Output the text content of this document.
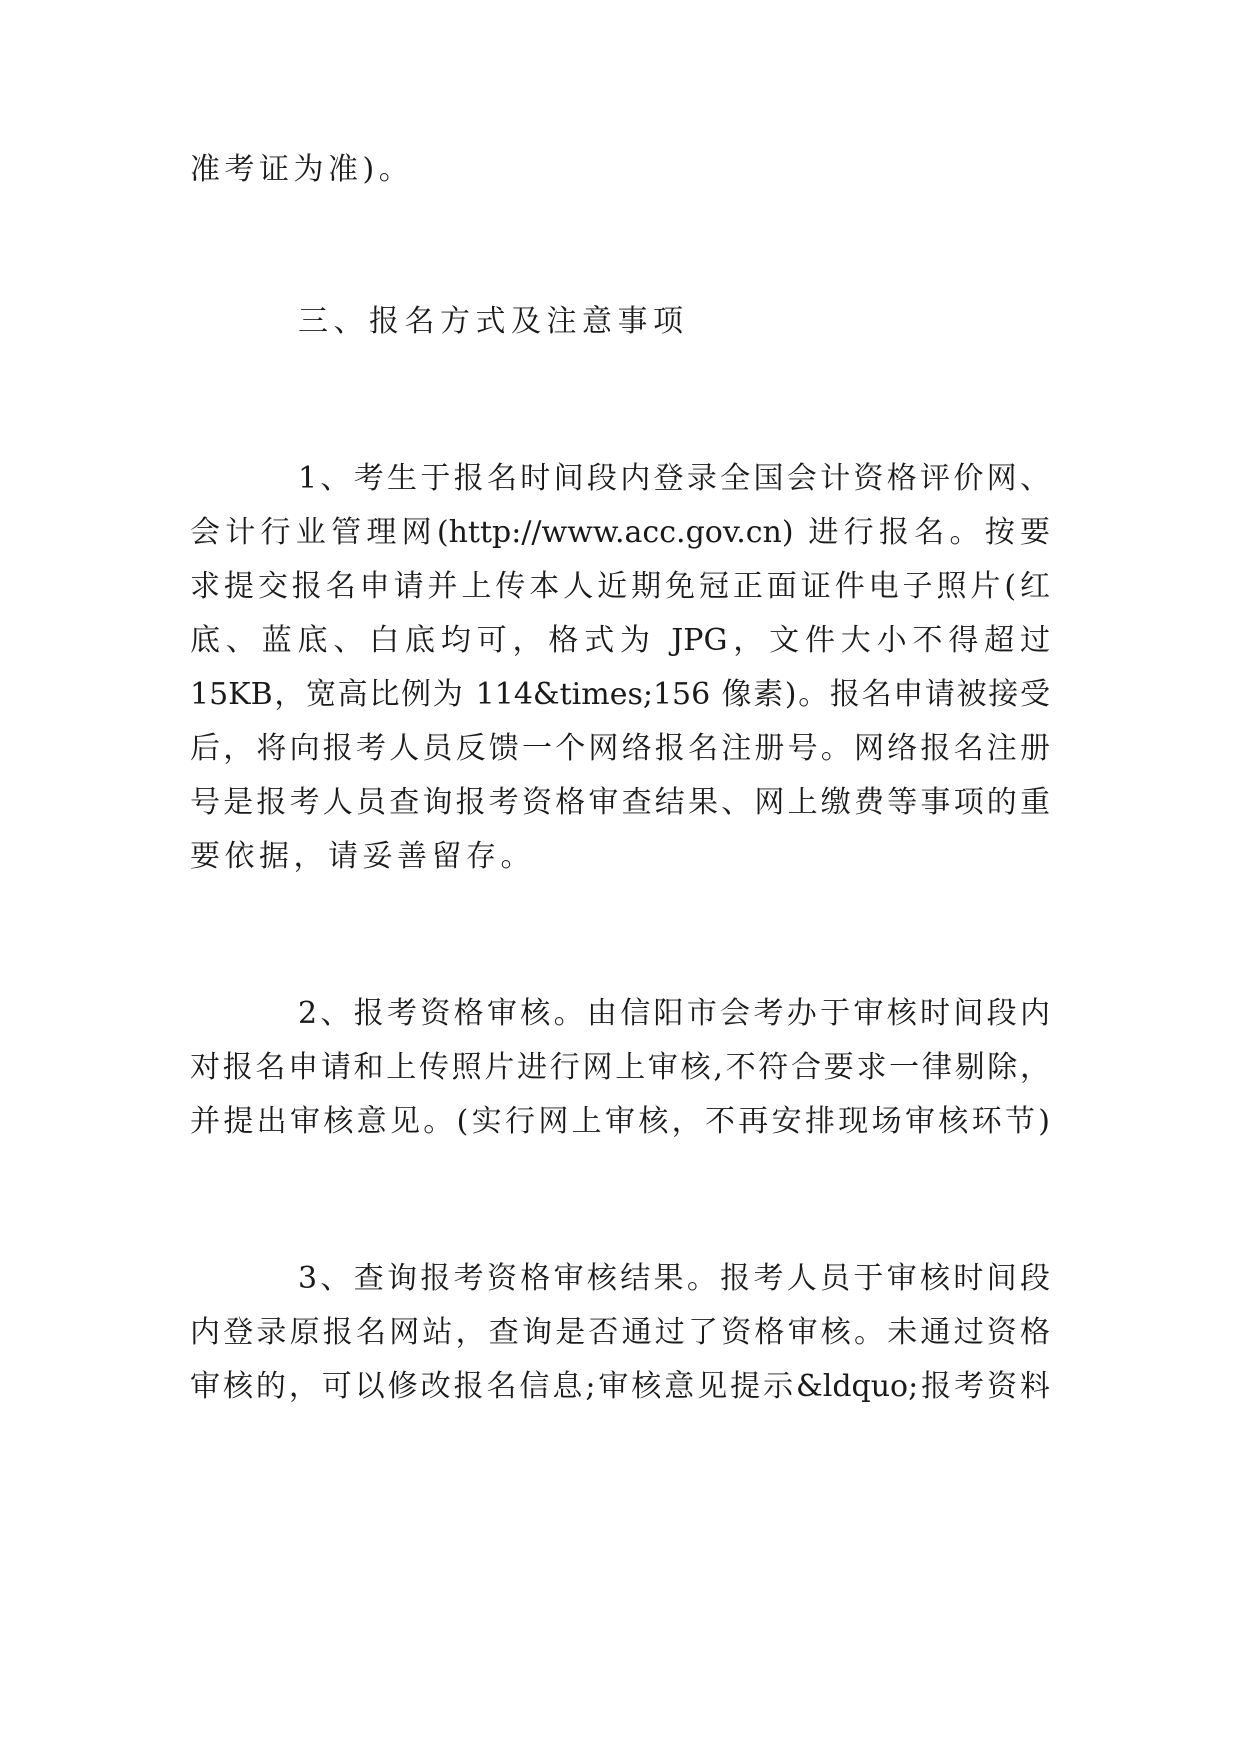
准考证为准)。
三、报名方式及注意事项
1、考生于报名时间段内登录全国会计资格评价网、
会计行业管理网(http://www.acc.gov.cn) 进行报名。按要
求提交报名申请并上传本人近期免冠正面证件电子照片(红
底、蓝底、白底均可，格式为 JPG，文件大小不得超过
15KB，宽高比例为 114&times;156 像素)。报名申请被接受
后，将向报考人员反馈一个网络报名注册号。网络报名注册
号是报考人员查询报考资格审查结果、网上缴费等事项的重
要依据，请妥善留存。
2、报考资格审核。由信阳市会考办于审核时间段内
对报名申请和上传照片进行网上审核,不符合要求一律剔除，
并提出审核意见。(实行网上审核，不再安排现场审核环节)
3、查询报考资格审核结果。报考人员于审核时间段
内登录原报名网站，查询是否通过了资格审核。未通过资格
审核的，可以修改报名信息;审核意见提示&ldquo;报考资料
